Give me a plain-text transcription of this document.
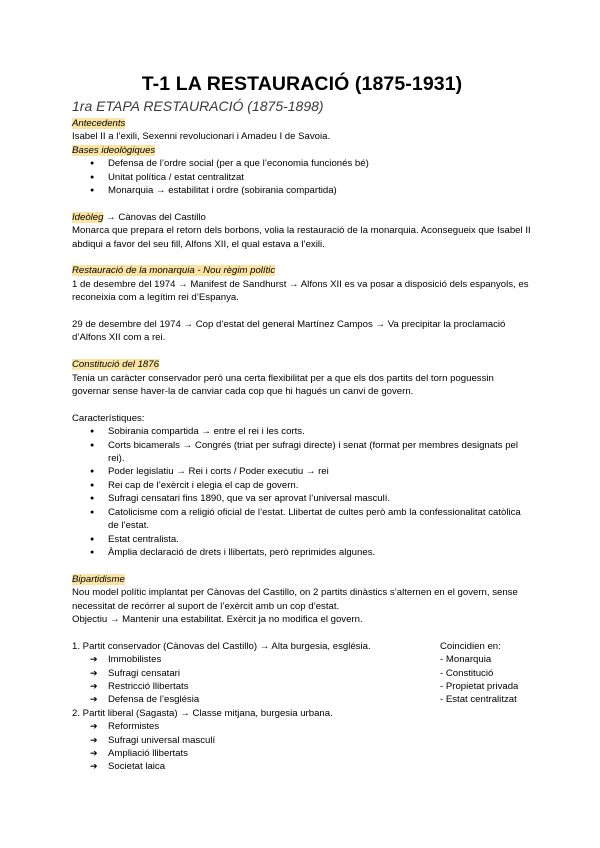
T-1 LA RESTAURACIÓ (1875-1931)
1ra ETAPA RESTAURACIÓ (1875-1898)
Antecedents
Isabel II a l’exili, Sexenni revolucionari i Amadeu I de Savoia.
Bases ideològiques
● Defensa de l’ordre social (per a que l’economia funcionés bé)
● Unitat política / estat centralitzat
● Monarquia → estabilitat i ordre (sobirania compartida)
Ideòleg → Cànovas del Castillo
Monarca que prepara el retorn dels borbons, volia la restauració de la monarquia. Aconsegueix que Isabel II abdiqui a favor del seu fill, Alfons XII, el qual estava a l’exili.
Restauració de la monarquia - Nou règim polític
1 de desembre del 1974 → Manifest de Sandhurst → Alfons XII es va posar a disposició dels espanyols, es reconeixia com a legítim rei d’Espanya.
29 de desembre del 1974 → Cop d’estat del general Martínez Campos → Va precipitar la proclamació d’Alfons XII com a rei.
Constitució del 1876
Tenia un caràcter conservador però una certa flexibilitat per a que els dos partits del torn poguessin governar sense haver-la de canviar cada cop que hi hagués un canvi de govern.
Característiques:
● Sobirania compartida → entre el rei i les corts.
● Corts bicamerals → Congrés (triat per sufragi directe) i senat (format per membres designats pel rei).
● Poder legislatiu → Rei i corts / Poder executiu → rei
● Rei cap de l’exèrcit i elegia el cap de govern.
● Sufragi censatari fins 1890, que va ser aprovat l’universal masculí.
● Catolicisme com a religió oficial de l’estat. Llibertat de cultes però amb la confessionalitat catòlica de l’estat.
● Estat centralista.
● Àmplia declaració de drets i llibertats, però reprimides algunes.
Bipartidisme
Nou model polític implantat per Cànovas del Castillo, on 2 partits dinàstics s’alternen en el govern, sense necessitat de recórrer al suport de l’exèrcit amb un cop d’estat.
Objectiu → Mantenir una estabilitat. Exèrcit ja no modifica el govern.
Coincidien en:
- Monarquia
- Constitució
- Propietat privada
- Estat centralitzat
1. Partit conservador (Cànovas del Castillo) → Alta burgesia, església.
➔ Immobilistes
➔ Sufragi censatari
➔ Restricció llibertats
➔ Defensa de l’església
2. Partit liberal (Sagasta) → Classe mitjana, burgesia urbana.
➔ Reformistes
➔ Sufragi universal masculí
➔ Ampliació llibertats
➔ Societat laica
